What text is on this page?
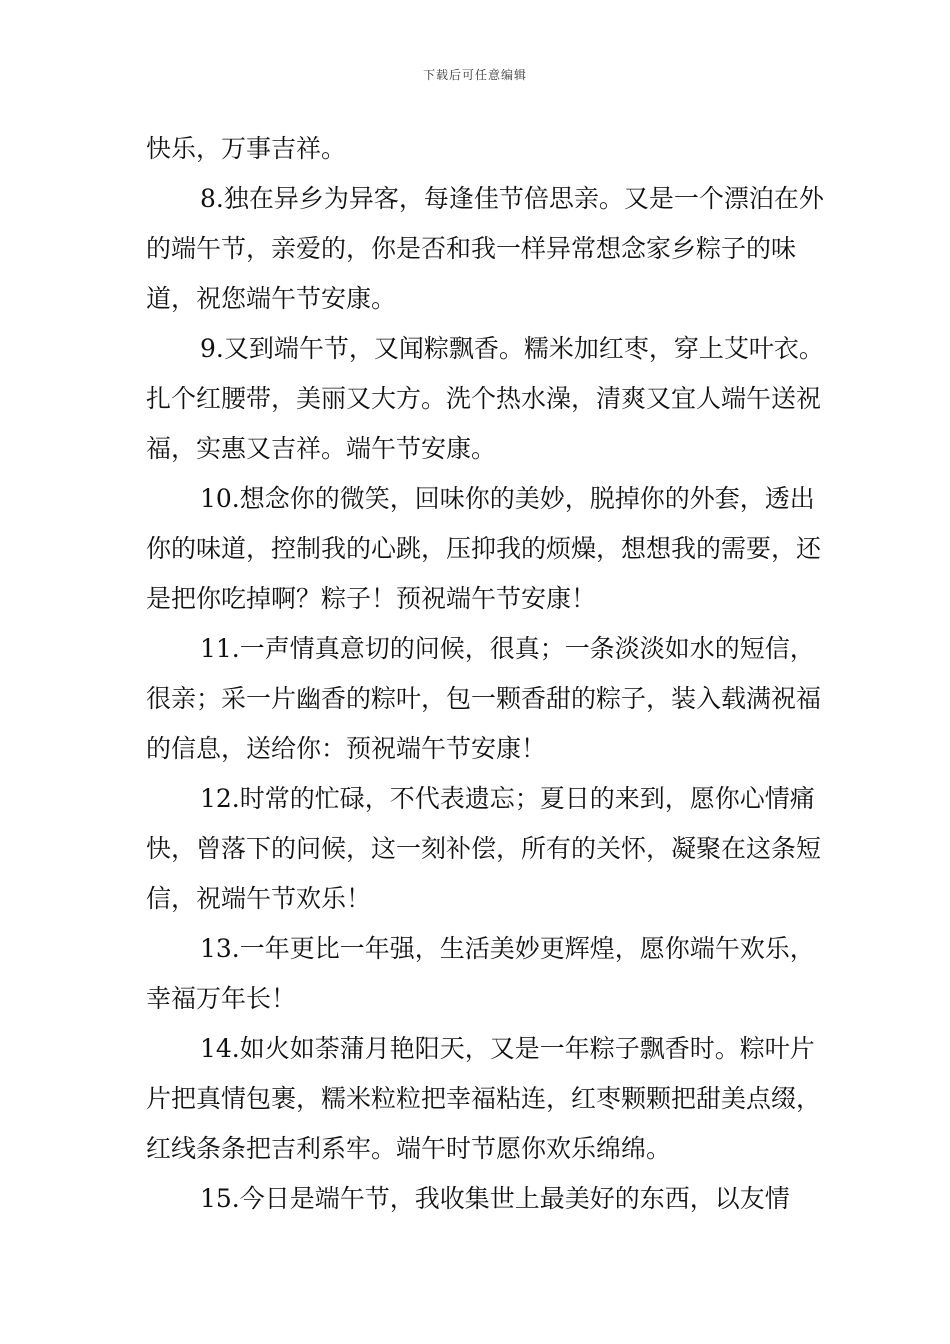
下载后可任意编辑

快乐，万事吉祥。

8.独在异乡为异客，每逢佳节倍思亲。又是一个漂泊在外的端午节，亲爱的，你是否和我一样异常想念家乡粽子的味道，祝您端午节安康。

9.又到端午节，又闻粽飘香。糯米加红枣，穿上艾叶衣。扎个红腰带，美丽又大方。洗个热水澡，清爽又宜人端午送祝福，实惠又吉祥。端午节安康。

10.想念你的微笑，回味你的美妙，脱掉你的外套，透出你的味道，控制我的心跳，压抑我的烦燥，想想我的需要，还是把你吃掉啊？粽子！预祝端午节安康！

11.一声情真意切的问候，很真；一条淡淡如水的短信，很亲；采一片幽香的粽叶，包一颗香甜的粽子，装入载满祝福的信息，送给你：预祝端午节安康！

12.时常的忙碌，不代表遗忘；夏日的来到，愿你心情痛快，曾落下的问候，这一刻补偿，所有的关怀，凝聚在这条短信，祝端午节欢乐！

13.一年更比一年强，生活美妙更辉煌，愿你端午欢乐，幸福万年长！

14.如火如荼蒲月艳阳天，又是一年粽子飘香时。粽叶片片把真情包裹，糯米粒粒把幸福粘连，红枣颗颗把甜美点缀，红线条条把吉利系牢。端午时节愿你欢乐绵绵。

15.今日是端午节，我收集世上最美好的东西，以友情
